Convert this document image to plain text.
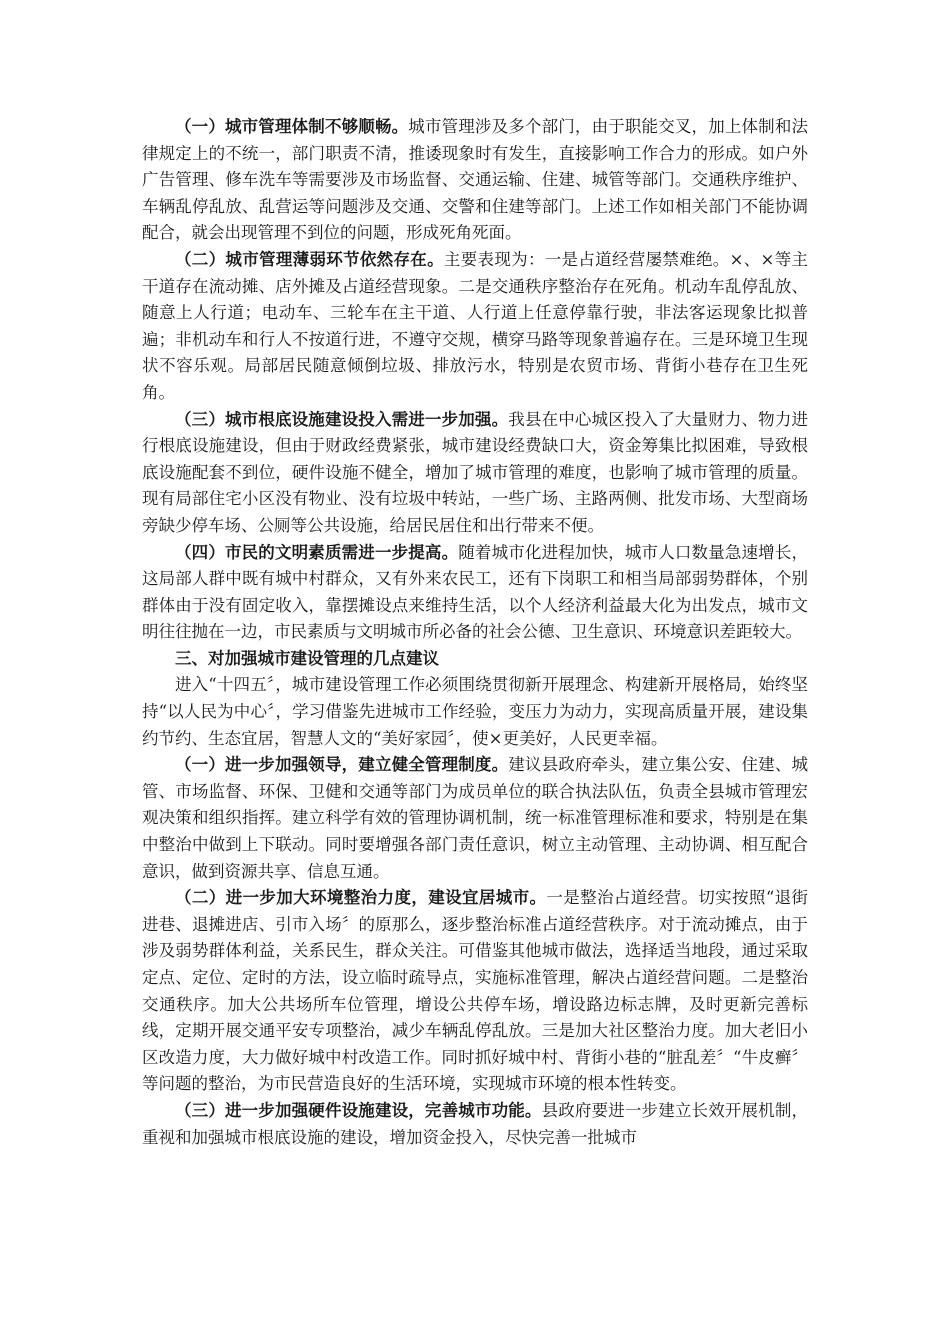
（一）城市管理体制不够顺畅。城市管理涉及多个部门，由于职能交叉，加上体制和法律规定上的不统一，部门职责不清，推诿现象时有发生，直接影响工作合力的形成。如户外广告管理、修车洗车等需要涉及市场监督、交通运输、住建、城管等部门。交通秩序维护、车辆乱停乱放、乱营运等问题涉及交通、交警和住建等部门。上述工作如相关部门不能协调配合，就会出现管理不到位的问题，形成死角死面。

（二）城市管理薄弱环节依然存在。主要表现为：一是占道经营屡禁难绝。×、×等主干道存在流动摊、店外摊及占道经营现象。二是交通秩序整治存在死角。机动车乱停乱放、随意上人行道；电动车、三轮车在主干道、人行道上任意停靠行驶，非法客运现象比拟普遍；非机动车和行人不按道行进，不遵守交规，横穿马路等现象普遍存在。三是环境卫生现状不容乐观。局部居民随意倾倒垃圾、排放污水，特别是农贸市场、背街小巷存在卫生死角。

（三）城市根底设施建设投入需进一步加强。我县在中心城区投入了大量财力、物力进行根底设施建设，但由于财政经费紧张，城市建设经费缺口大，资金筹集比拟困难，导致根底设施配套不到位，硬件设施不健全，增加了城市管理的难度，也影响了城市管理的质量。现有局部住宅小区没有物业、没有垃圾中转站，一些广场、主路两侧、批发市场、大型商场旁缺少停车场、公厕等公共设施，给居民居住和出行带来不便。

（四）市民的文明素质需进一步提高。随着城市化进程加快，城市人口数量急速增长，这局部人群中既有城中村群众，又有外来农民工，还有下岗职工和相当局部弱势群体，个别群体由于没有固定收入，靠摆摊设点来维持生活，以个人经济利益最大化为出发点，城市文明往往抛在一边，市民素质与文明城市所必备的社会公德、卫生意识、环境意识差距较大。

三、对加强城市建设管理的几点建议

进入“十四五〞，城市建设管理工作必须围绕贯彻新开展理念、构建新开展格局，始终坚持“以人民为中心〞，学习借鉴先进城市工作经验，变压力为动力，实现高质量开展，建设集约节约、生态宜居，智慧人文的“美好家园〞，使×更美好，人民更幸福。

（一）进一步加强领导，建立健全管理制度。建议县政府牵头，建立集公安、住建、城管、市场监督、环保、卫健和交通等部门为成员单位的联合执法队伍，负责全县城市管理宏观决策和组织指挥。建立科学有效的管理协调机制，统一标准管理标准和要求，特别是在集中整治中做到上下联动。同时要增强各部门责任意识，树立主动管理、主动协调、相互配合意识，做到资源共享、信息互通。

（二）进一步加大环境整治力度，建设宜居城市。一是整治占道经营。切实按照“退街进巷、退摊进店、引市入场〞的原那么，逐步整治标准占道经营秩序。对于流动摊点，由于涉及弱势群体利益，关系民生，群众关注。可借鉴其他城市做法，选择适当地段，通过采取定点、定位、定时的方法，设立临时疏导点，实施标准管理，解决占道经营问题。二是整治交通秩序。加大公共场所车位管理，增设公共停车场，增设路边标志牌，及时更新完善标线，定期开展交通平安专项整治，减少车辆乱停乱放。三是加大社区整治力度。加大老旧小区改造力度，大力做好城中村改造工作。同时抓好城中村、背街小巷的“脏乱差〞“牛皮癣〞等问题的整治，为市民营造良好的生活环境，实现城市环境的根本性转变。

（三）进一步加强硬件设施建设，完善城市功能。县政府要进一步建立长效开展机制，重视和加强城市根底设施的建设，增加资金投入，尽快完善一批城市
